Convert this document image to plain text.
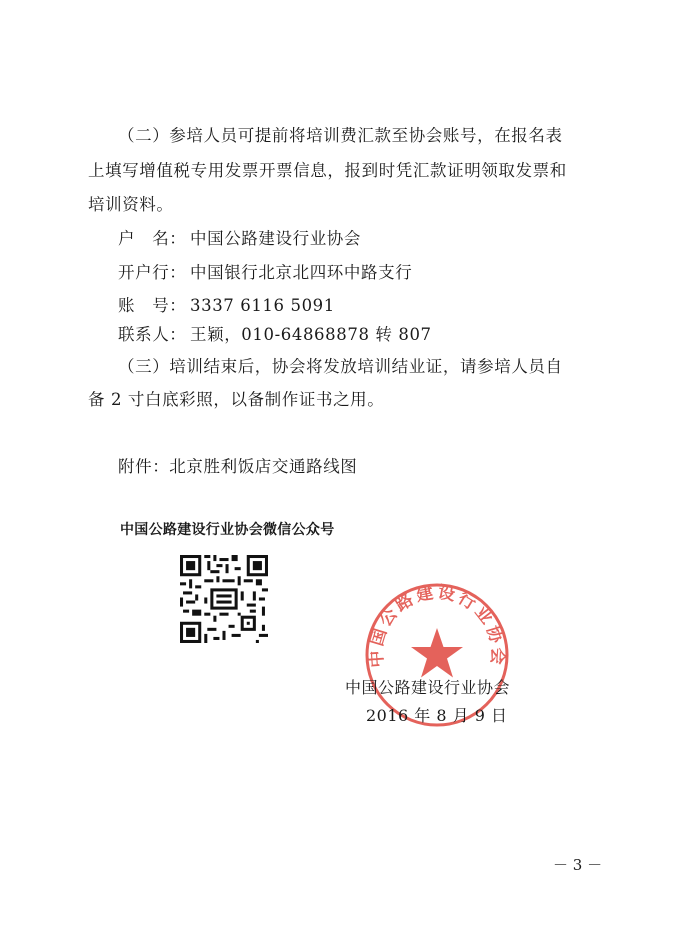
（二）参培人员可提前将培训费汇款至协会账号，在报名表
上填写增值税专用发票开票信息，报到时凭汇款证明领取发票和
培训资料。
户　名： 中国公路建设行业协会
开户行： 中国银行北京北四环中路支行
账　号： 3337 6116 5091
联系人： 王颖，010-64868878 转 807
（三）培训结束后，协会将发放培训结业证，请参培人员自
备 2 寸白底彩照，以备制作证书之用。
附件：北京胜利饭店交通路线图
中国公路建设行业协会微信公众号
中国公路建设行业协会
中国公路建设行业协会
2016 年 8 月 9 日
－ 3 －
